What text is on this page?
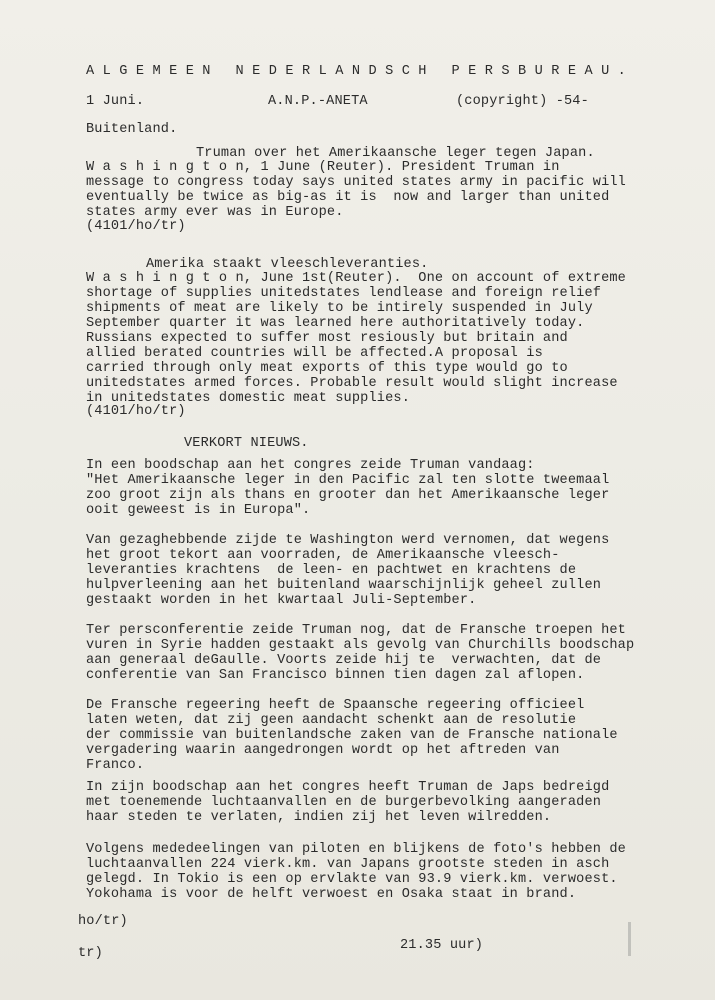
A L G E M E E N   N E D E R L A N D S C H   P E R S B U R E A U .
1 Juni.	A.N.P.-ANETA	(copyright) -54-
Buitenland.
Truman over het Amerikaansche leger tegen Japan.
W a s h i n g t o n, 1 June (Reuter). President Truman in
message to congress today says united states army in pacific will
eventually be twice as big-as it is  now and larger than united
states army ever was in Europe.
(4101/ho/tr)
Amerika staakt vleeschleveranties.
W a s h i n g t o n, June 1st(Reuter).  One on account of extreme
shortage of supplies unitedstates lendlease and foreign relief
shipments of meat are likely to be intirely suspended in July
September quarter it was learned here authoritatively today.
Russians expected to suffer most resiously but britain and
allied berated countries will be affected.A proposal is
carried through only meat exports of this type would go to
unitedstates armed forces. Probable result would slight increase
in unitedstates domestic meat supplies.
(4101/ho/tr)
VERKORT NIEUWS.
In een boodschap aan het congres zeide Truman vandaag:
"Het Amerikaansche leger in den Pacific zal ten slotte tweemaal
zoo groot zijn als thans en grooter dan het Amerikaansche leger
ooit geweest is in Europa".
Van gezaghebbende zijde te Washington werd vernomen, dat wegens
het groot tekort aan voorraden, de Amerikaansche vleesch-
leveranties krachtens  de leen- en pachtwet en krachtens de
hulpverleening aan het buitenland waarschijnlijk geheel zullen
gestaakt worden in het kwartaal Juli-September.
Ter persconferentie zeide Truman nog, dat de Fransche troepen het
vuren in Syrie hadden gestaakt als gevolg van Churchills boodschap
aan generaal deGaulle. Voorts zeide hij te  verwachten, dat de
conferentie van San Francisco binnen tien dagen zal aflopen.
De Fransche regeering heeft de Spaansche regeering officieel
laten weten, dat zij geen aandacht schenkt aan de resolutie
der commissie van buitenlandsche zaken van de Fransche nationale
vergadering waarin aangedrongen wordt op het aftreden van
Franco.
In zijn boodschap aan het congres heeft Truman de Japs bedreigd
met toenemende luchtaanvallen en de burgerbevolking aangeraden
haar steden te verlaten, indien zij het leven wilredden.
Volgens mededeelingen van piloten en blijkens de foto's hebben de
luchtaanvallen 224 vierk.km. van Japans grootste steden in asch
gelegd. In Tokio is een op ervlakte van 93.9 vierk.km. verwoest.
Yokohama is voor de helft verwoest en Osaka staat in brand.
ho/tr)
21.35 uur)
tr)
